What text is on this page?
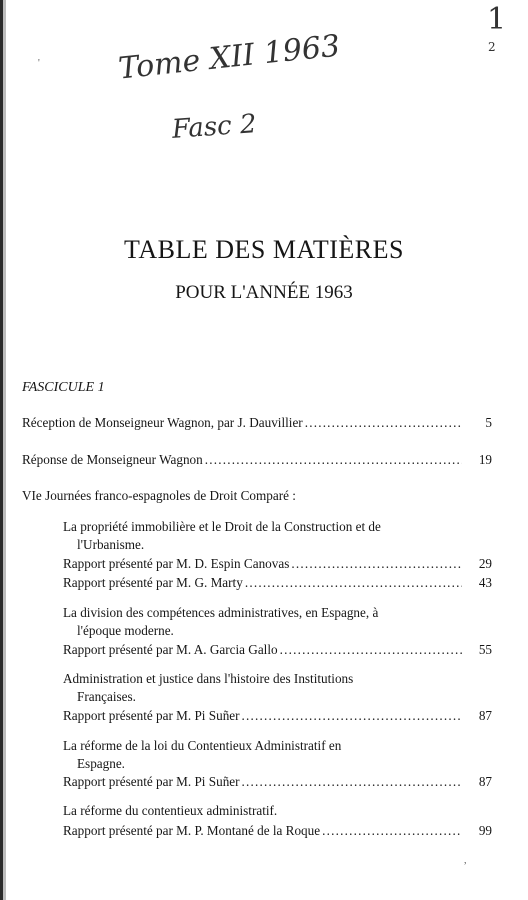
Tome XII 1963
Fasc 2
1
2
'
TABLE DES MATIÈRES
POUR L'ANNÉE 1963
FASCICULE 1
Réception de Monseigneur Wagnon, par J. Dauvillier .....	5
Réponse de Monseigneur Wagnon .....	19
VIe Journées franco-espagnoles de Droit Comparé :
La propriété immobilière et le Droit de la Construction et de
l'Urbanisme.
Rapport présenté par M. D. Espin Canovas .....	29
Rapport présenté par M. G. Marty .....	43
La division des compétences administratives, en Espagne, à
l'époque moderne.
Rapport présenté par M. A. Garcia Gallo .....	55
Administration et justice dans l'histoire des Institutions
Françaises.
Rapport présenté par M. Pi Suñer .....	87
La réforme de la loi du Contentieux Administratif en
Espagne.
Rapport présenté par M. Pi Suñer .....	87
La réforme du contentieux administratif.
Rapport présenté par M. P. Montané de la Roque .....	99
,
